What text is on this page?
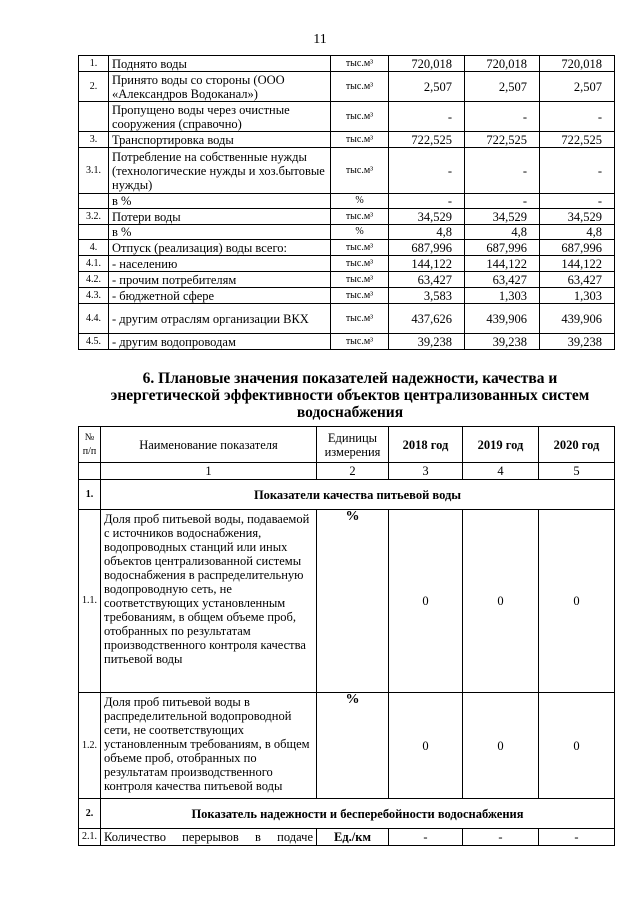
11
1.	Поднято воды	тыс.м³	720,018	720,018	720,018
2.	Принято воды со стороны (ООО «Александров Водоканал»)	тыс.м³	2,507	2,507	2,507
	Пропущено воды через очистные сооружения (справочно)	тыс.м³	-	-	-
3.	Транспортировка воды	тыс.м³	722,525	722,525	722,525
3.1.	Потребление на собственные нужды (технологические нужды и хоз.бытовые нужды)	тыс.м³	-	-	-
	в %	%	-	-	-
3.2.	Потери воды	тыс.м³	34,529	34,529	34,529
	в %	%	4,8	4,8	4,8
4.	Отпуск (реализация) воды всего:	тыс.м³	687,996	687,996	687,996
4.1.	- населению	тыс.м³	144,122	144,122	144,122
4.2.	- прочим потребителям	тыс.м³	63,427	63,427	63,427
4.3.	- бюджетной сфере	тыс.м³	3,583	1,303	1,303
4.4.	- другим отраслям организации ВКХ	тыс.м³	437,626	439,906	439,906
4.5.	- другим водопроводам	тыс.м³	39,238	39,238	39,238
6. Плановые значения показателей надежности, качества и энергетической эффективности объектов централизованных систем водоснабжения
№ п/п	Наименование показателя	Единицы измерения	2018 год	2019 год	2020 год
	1	2	3	4	5
1.	Показатели качества питьевой воды				
1.1.	Доля проб питьевой воды, подаваемой с источников водоснабжения, водопроводных станций или иных объектов централизованной системы водоснабжения в распределительную водопроводную сеть, не соответствующих установленным требованиям, в общем объеме проб, отобранных по результатам производственного контроля качества питьевой воды	%	0	0	0
1.2.	Доля проб питьевой воды в распределительной водопроводной сети, не соответствующих установленным требованиям, в общем объеме проб, отобранных по результатам производственного контроля качества питьевой воды	%	0	0	0
2.	Показатель надежности и бесперебойности водоснабжения				
2.1.	Количество перерывов в подаче	Ед./км	-	-	-
